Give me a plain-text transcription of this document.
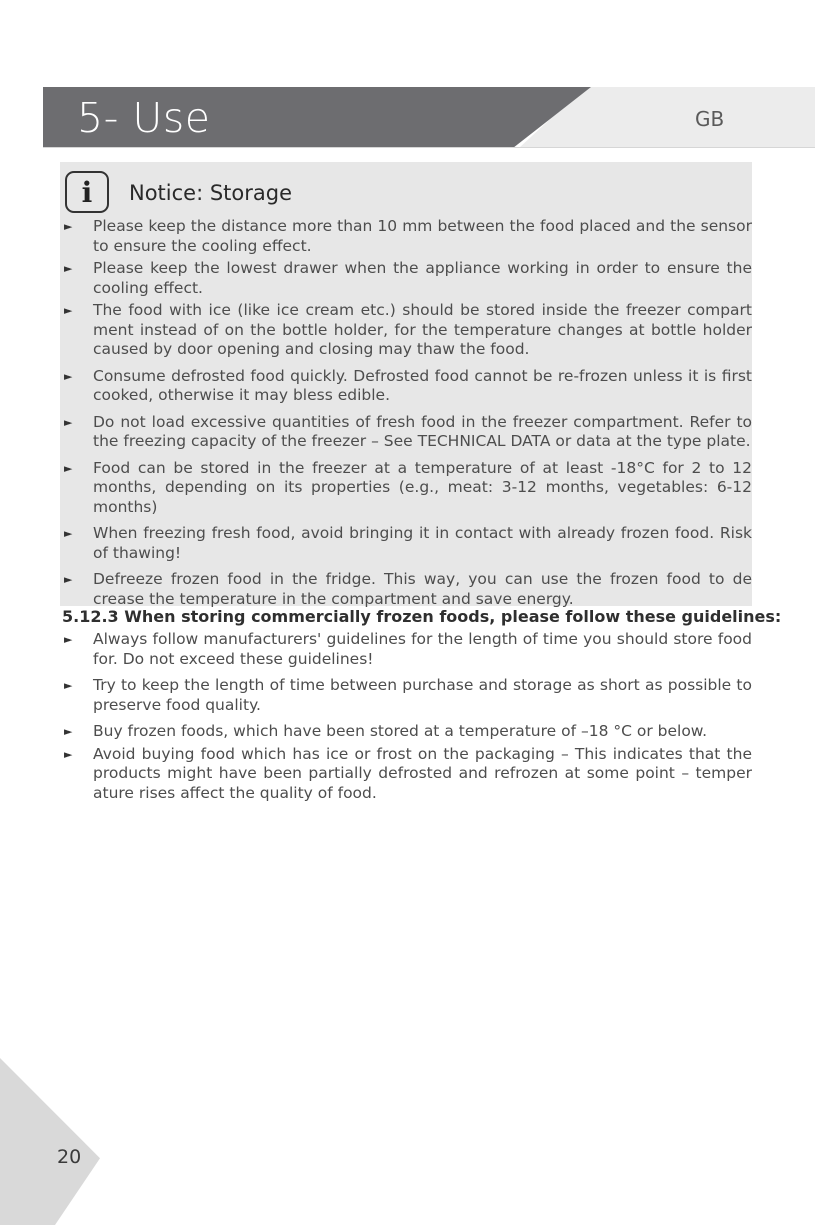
5- Use	GB
i	Notice: Storage
► Please keep the distance more than 10 mm between the food placed and the sensor to ensure the cooling effect.
► Please keep the lowest drawer when the appliance working in order to ensure the cooling effect.
► The food with ice (like ice cream etc.) should be stored inside the freezer compart ment instead of on the bottle holder, for the temperature changes at bottle holder caused by door opening and closing may thaw the food.
► Consume defrosted food quickly. Defrosted food cannot be re-frozen unless it is first cooked, otherwise it may bless edible.
► Do not load excessive quantities of fresh food in the freezer compartment. Refer to the freezing capacity of the freezer – See TECHNICAL DATA or data at the type plate.
► Food can be stored in the freezer at a temperature of at least -18°C for 2 to 12 months, depending on its properties (e.g., meat: 3-12 months, vegetables: 6-12 months)
► When freezing fresh food, avoid bringing it in contact with already frozen food. Risk of thawing!
► Defreeze frozen food in the fridge. This way, you can use the frozen food to de crease the temperature in the compartment and save energy.
5.12.3 When storing commercially frozen foods, please follow these guidelines:
► Always follow manufacturers' guidelines for the length of time you should store food for. Do not exceed these guidelines!
► Try to keep the length of time between purchase and storage as short as possible to preserve food quality.
► Buy frozen foods, which have been stored at a temperature of –18 °C or below.
► Avoid buying food which has ice or frost on the packaging – This indicates that the products might have been partially defrosted and refrozen at some point – temper ature rises affect the quality of food.
20
